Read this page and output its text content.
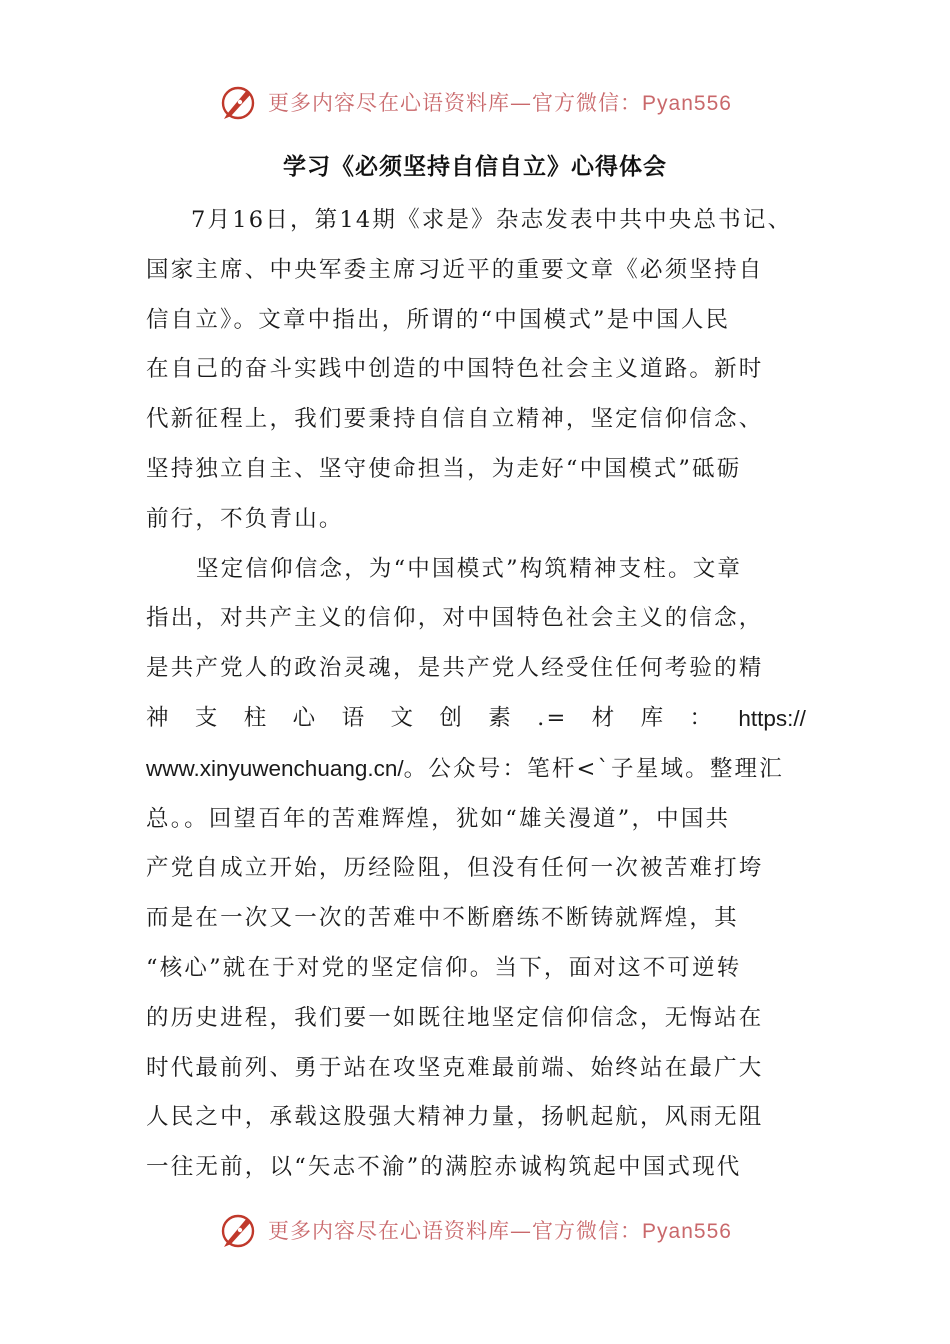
更多内容尽在心语资料库—官方微信：Pyan556
学习《必须坚持自信自立》心得体会
7月16日，第14期《求是》杂志发表中共中央总书记、
国家主席、中央军委主席习近平的重要文章《必须坚持自
信自立》。文章中指出，所谓的“中国模式”是中国人民
在自己的奋斗实践中创造的中国特色社会主义道路。新时
代新征程上，我们要秉持自信自立精神，坚定信仰信念、
坚持独立自主、坚守使命担当，为走好“中国模式”砥砺
前行，不负青山。
坚定信仰信念，为“中国模式”构筑精神支柱。文章
指出，对共产主义的信仰，对中国特色社会主义的信念，
是共产党人的政治灵魂，是共产党人经受住任何考验的精
神 支 柱 心 语 文 创 素 .= 材 库 ： https://
www.xinyuwenchuang.cn/。公众号：笔杆<`子星域。整理汇
总。。回望百年的苦难辉煌，犹如“雄关漫道”，中国共
产党自成立开始，历经险阻，但没有任何一次被苦难打垮
而是在一次又一次的苦难中不断磨练不断铸就辉煌，其
“核心”就在于对党的坚定信仰。当下，面对这不可逆转
的历史进程，我们要一如既往地坚定信仰信念，无悔站在
时代最前列、勇于站在攻坚克难最前端、始终站在最广大
人民之中，承载这股强大精神力量，扬帆起航，风雨无阻
一往无前，以“矢志不渝”的满腔赤诚构筑起中国式现代
更多内容尽在心语资料库—官方微信：Pyan556
